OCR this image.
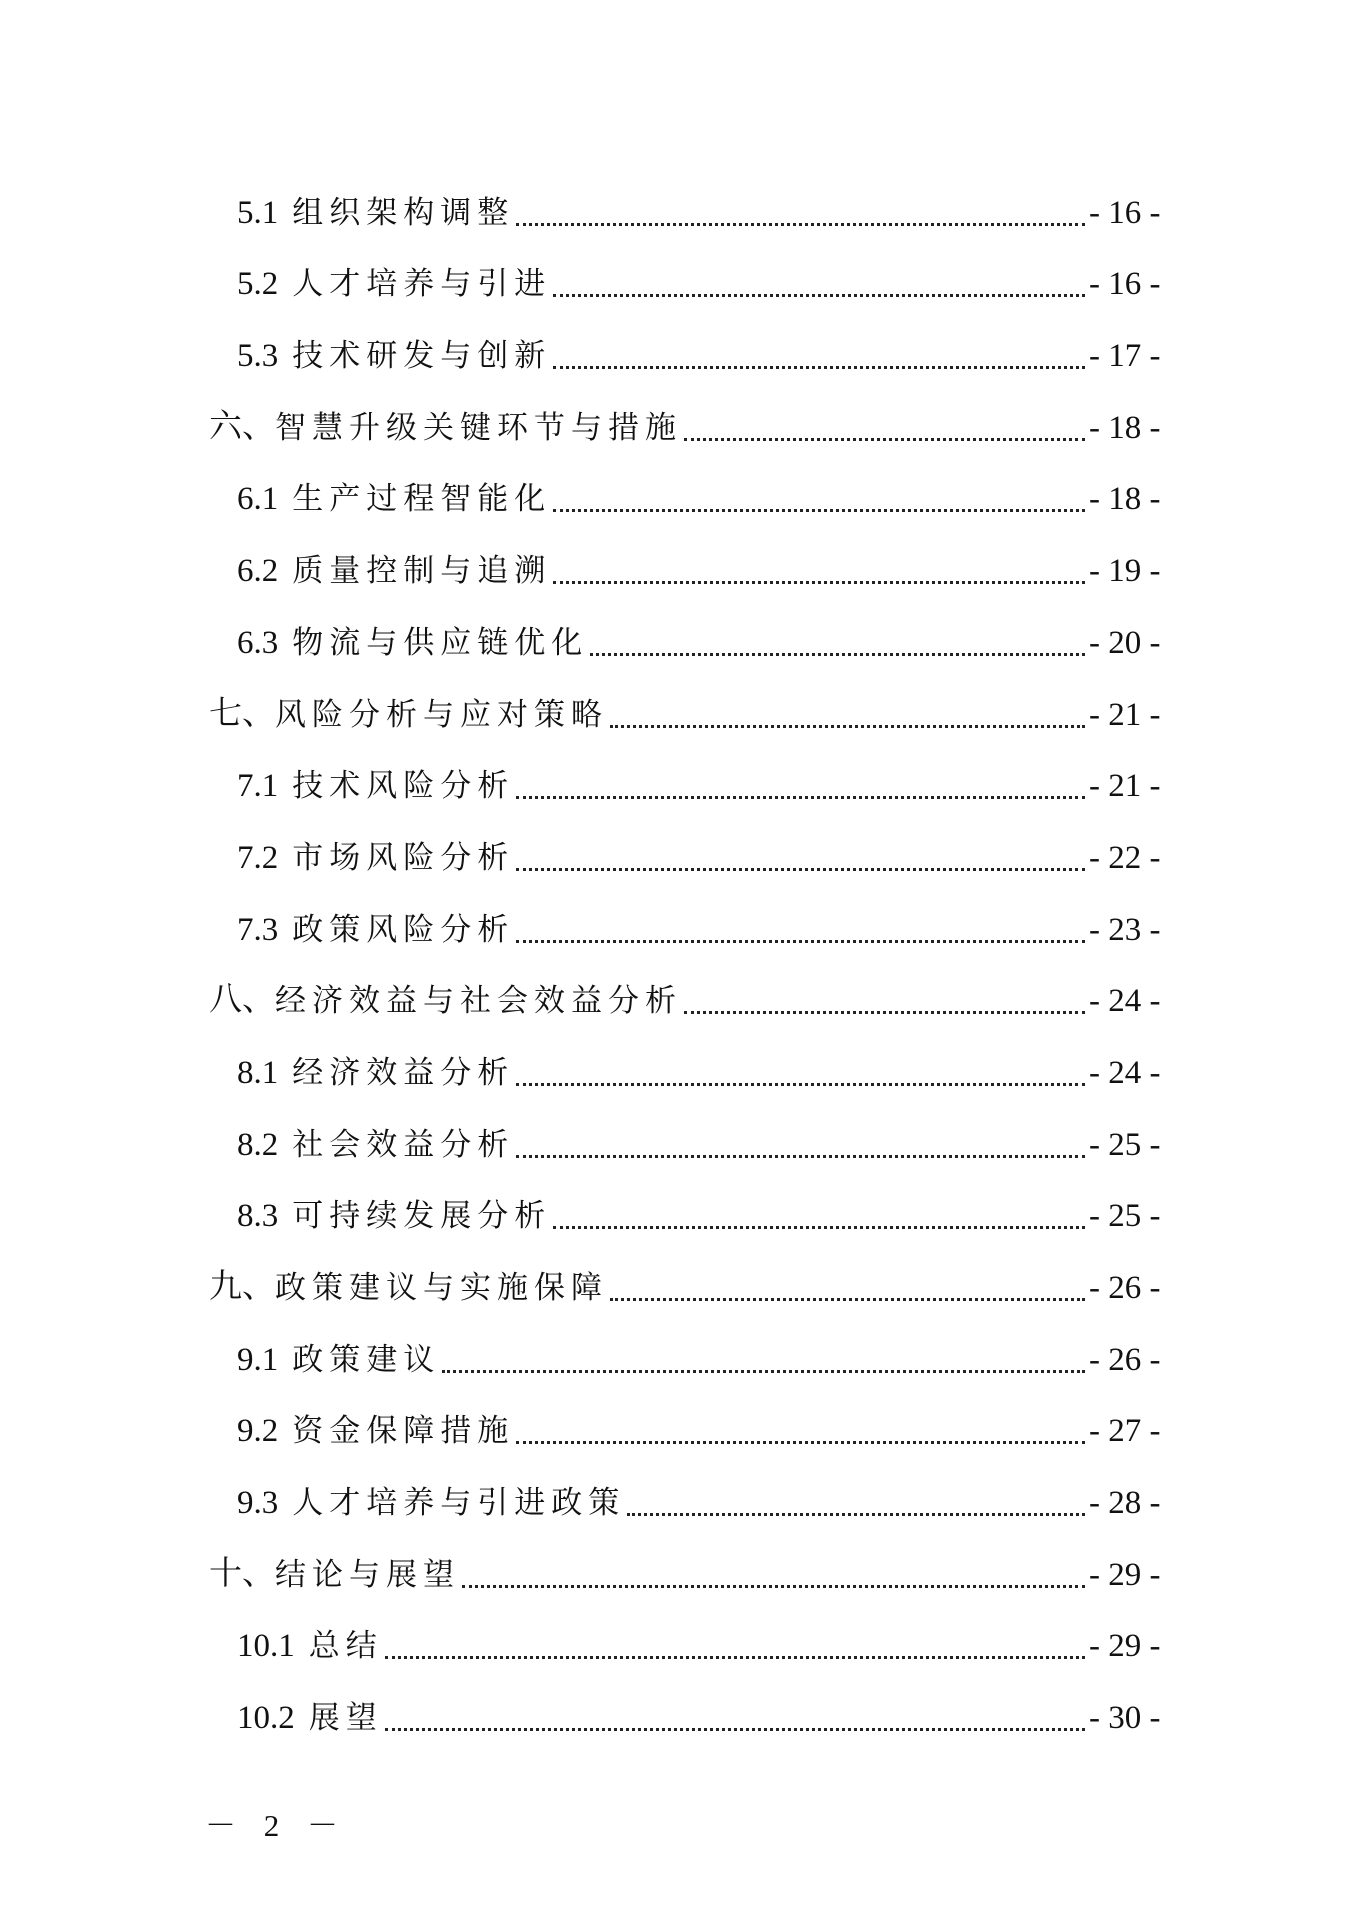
5.1 组织架构调整	- 16 -
5.2 人才培养与引进	- 16 -
5.3 技术研发与创新	- 17 -
六、 智慧升级关键环节与措施	- 18 -
6.1 生产过程智能化	- 18 -
6.2 质量控制与追溯	- 19 -
6.3 物流与供应链优化	- 20 -
七、 风险分析与应对策略	- 21 -
7.1 技术风险分析	- 21 -
7.2 市场风险分析	- 22 -
7.3 政策风险分析	- 23 -
八、 经济效益与社会效益分析	- 24 -
8.1 经济效益分析	- 24 -
8.2 社会效益分析	- 25 -
8.3 可持续发展分析	- 25 -
九、 政策建议与实施保障	- 26 -
9.1 政策建议	- 26 -
9.2 资金保障措施	- 27 -
9.3 人才培养与引进政策	- 28 -
十、 结论与展望	- 29 -
10.1 总结	- 29 -
10.2 展望	- 30 -
－ 2 －
